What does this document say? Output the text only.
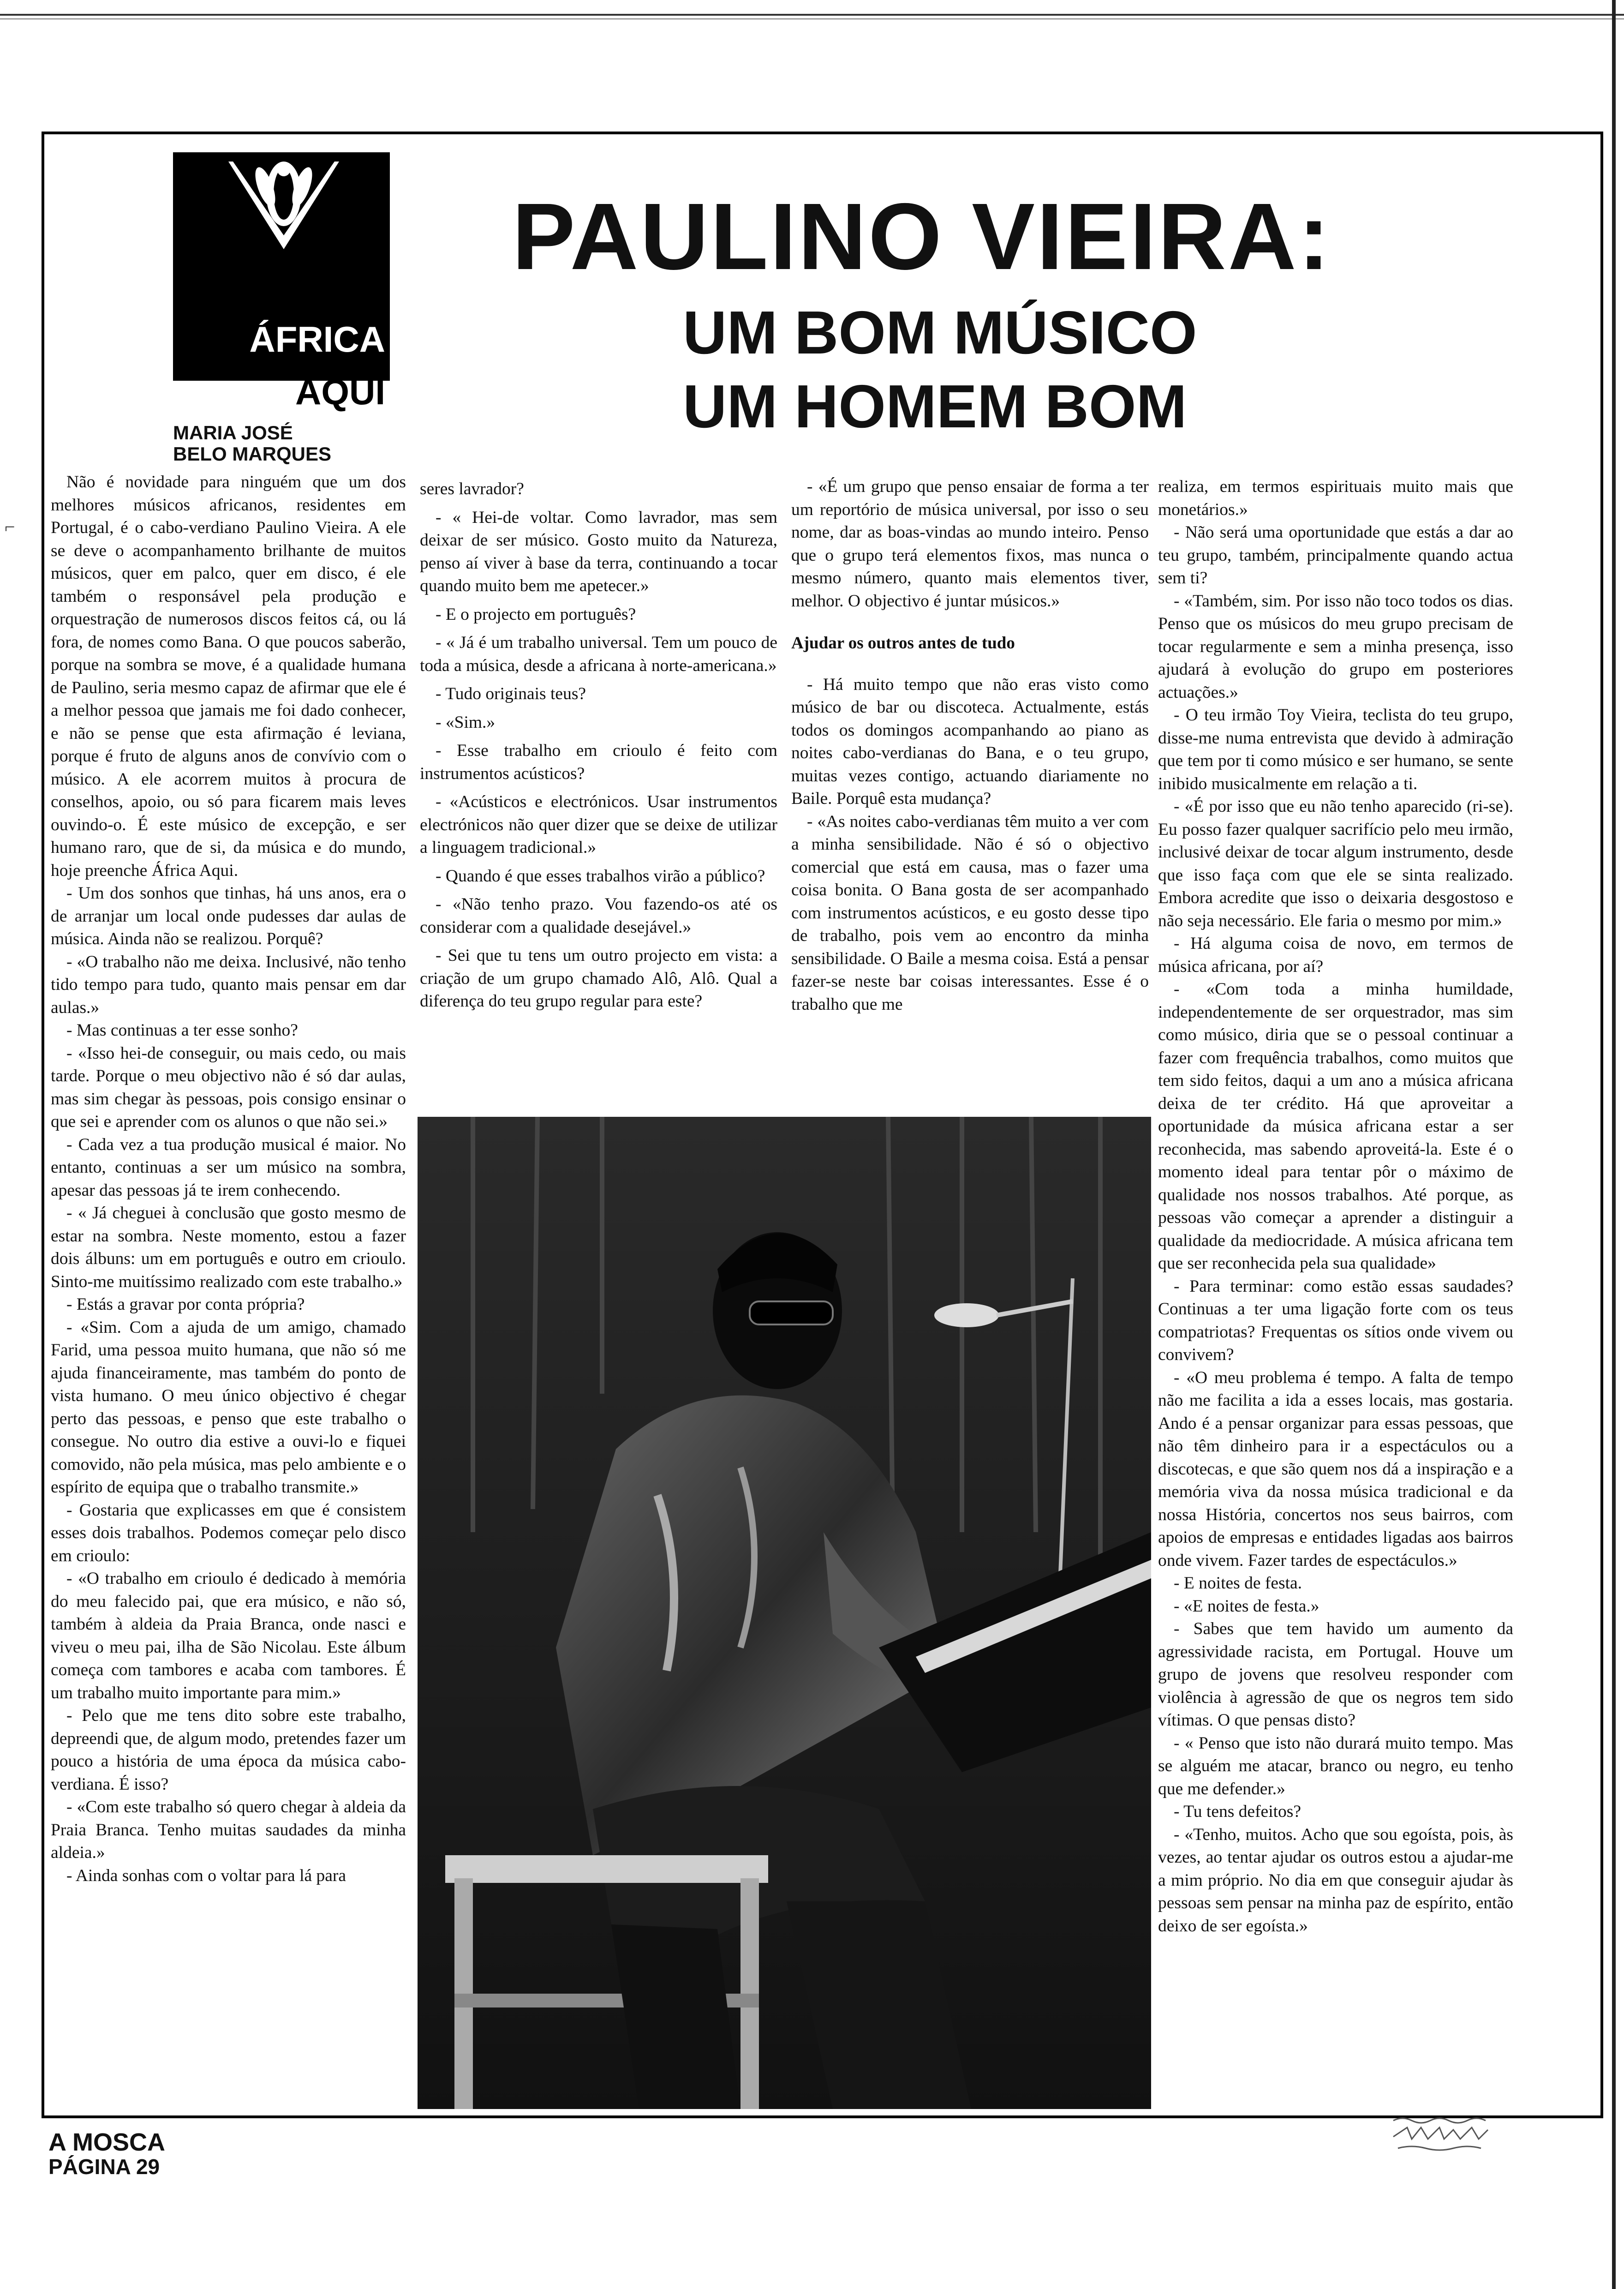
⌐
ÁFRICA
AQUI
MARIA JOSÉ
BELO MARQUES
PAULINO VIEIRA:
UM BOM MÚSICO
UM HOMEM BOM

Não é novidade para ninguém que um dos melhores músicos africanos, residentes em Portugal, é o cabo-verdiano Paulino Vieira. A ele se deve o acompanhamento brilhante de muitos músicos, quer em palco, quer em disco, é ele também o responsável pela produção e orquestração de numerosos discos feitos cá, ou lá fora, de nomes como Bana. O que poucos saberão, porque na sombra se move, é a qualidade humana de Paulino, seria mesmo capaz de afirmar que ele é a melhor pessoa que jamais me foi dado conhecer, e não se pense que esta afirmação é leviana, porque é fruto de alguns anos de convívio com o músico. A ele acorrem muitos à procura de conselhos, apoio, ou só para ficarem mais leves ouvindo-o. É este músico de excepção, e ser humano raro, que de si, da música e do mundo, hoje preenche África Aqui.

- Um dos sonhos que tinhas, há uns anos, era o de arranjar um local onde pudesses dar aulas de música. Ainda não se realizou. Porquê?

- «O trabalho não me deixa. Inclusivé, não tenho tido tempo para tudo, quanto mais pensar em dar aulas.»

- Mas continuas a ter esse sonho?

- «Isso hei-de conseguir, ou mais cedo, ou mais tarde. Porque o meu objectivo não é só dar aulas, mas sim chegar às pessoas, pois consigo ensinar o que sei e aprender com os alunos o que não sei.»

- Cada vez a tua produção musical é maior. No entanto, continuas a ser um músico na sombra, apesar das pessoas já te irem conhecendo.

- « Já cheguei à conclusão que gosto mesmo de estar na sombra. Neste momento, estou a fazer dois álbuns: um em português e outro em crioulo. Sinto-me muitíssimo realizado com este trabalho.»

- Estás a gravar por conta própria?

- «Sim. Com a ajuda de um amigo, chamado Farid, uma pessoa muito humana, que não só me ajuda financeiramente, mas também do ponto de vista humano. O meu único objectivo é chegar perto das pessoas, e penso que este trabalho o consegue. No outro dia estive a ouvi-lo e fiquei comovido, não pela música, mas pelo ambiente e o espírito de equipa que o trabalho transmite.»

- Gostaria que explicasses em que é consistem esses dois trabalhos. Podemos começar pelo disco em crioulo:

- «O trabalho em crioulo é dedicado à memória do meu falecido pai, que era músico, e não só, também à aldeia da Praia Branca, onde nasci e viveu o meu pai, ilha de São Nicolau. Este álbum começa com tambores e acaba com tambores. É um trabalho muito importante para mim.»

- Pelo que me tens dito sobre este trabalho, depreendi que, de algum modo, pretendes fazer um pouco a história de uma época da música cabo-verdiana. É isso?

- «Com este trabalho só quero chegar à aldeia da Praia Branca. Tenho muitas saudades da minha aldeia.»

- Ainda sonhas com o voltar para lá para

seres lavrador?

- « Hei-de voltar. Como lavrador, mas sem deixar de ser músico. Gosto muito da Natureza, penso aí viver à base da terra, continuando a tocar quando muito bem me apetecer.»

- E o projecto em português?

- « Já é um trabalho universal. Tem um pouco de toda a música, desde a africana à norte-americana.»

- Tudo originais teus?

- «Sim.»

- Esse trabalho em crioulo é feito com instrumentos acústicos?

- «Acústicos e electrónicos. Usar instrumentos electrónicos não quer dizer que se deixe de utilizar a linguagem tradicional.»

- Quando é que esses trabalhos virão a público?

- «Não tenho prazo. Vou fazendo-os até os considerar com a qualidade desejável.»

- Sei que tu tens um outro projecto em vista: a criação de um grupo chamado Alô, Alô. Qual a diferença do teu grupo regular para este?

- «É um grupo que penso ensaiar de forma a ter um reportório de música universal, por isso o seu nome, dar as boas-vindas ao mundo inteiro. Penso que o grupo terá elementos fixos, mas nunca o mesmo número, quanto mais elementos tiver, melhor. O objectivo é juntar músicos.»

Ajudar os outros antes de tudo

- Há muito tempo que não eras visto como músico de bar ou discoteca. Actualmente, estás todos os domingos acompanhando ao piano as noites cabo-verdianas do Bana, e o teu grupo, muitas vezes contigo, actuando diariamente no Baile. Porquê esta mudança?

- «As noites cabo-verdianas têm muito a ver com a minha sensibilidade. Não é só o objectivo comercial que está em causa, mas o fazer uma coisa bonita. O Bana gosta de ser acompanhado com instrumentos acústicos, e eu gosto desse tipo de trabalho, pois vem ao encontro da minha sensibilidade. O Baile a mesma coisa. Está a pensar fazer-se neste bar coisas interessantes. Esse é o trabalho que me

realiza, em termos espirituais muito mais que monetários.»

- Não será uma oportunidade que estás a dar ao teu grupo, também, principalmente quando actua sem ti?

- «Também, sim. Por isso não toco todos os dias. Penso que os músicos do meu grupo precisam de tocar regularmente e sem a minha presença, isso ajudará à evolução do grupo em posteriores actuações.»

- O teu irmão Toy Vieira, teclista do teu grupo, disse-me numa entrevista que devido à admiração que tem por ti como músico e ser humano, se sente inibido musicalmente em relação a ti.

- «É por isso que eu não tenho aparecido (ri-se). Eu posso fazer qualquer sacrifício pelo meu irmão, inclusivé deixar de tocar algum instrumento, desde que isso faça com que ele se sinta realizado. Embora acredite que isso o deixaria desgostoso e não seja necessário. Ele faria o mesmo por mim.»

- Há alguma coisa de novo, em termos de música africana, por aí?

- «Com toda a minha humildade, independentemente de ser orquestrador, mas sim como músico, diria que se o pessoal continuar a fazer com frequência trabalhos, como muitos que tem sido feitos, daqui a um ano a música africana deixa de ter crédito. Há que aproveitar a oportunidade da música africana estar a ser reconhecida, mas sabendo aproveitá-la. Este é o momento ideal para tentar pôr o máximo de qualidade nos nossos trabalhos. Até porque, as pessoas vão começar a aprender a distinguir a qualidade da mediocridade. A música africana tem que ser reconhecida pela sua qualidade»

- Para terminar: como estão essas saudades? Continuas a ter uma ligação forte com os teus compatriotas? Frequentas os sítios onde vivem ou convivem?

- «O meu problema é tempo. A falta de tempo não me facilita a ida a esses locais, mas gostaria. Ando é a pensar organizar para essas pessoas, que não têm dinheiro para ir a espectáculos ou a discotecas, e que são quem nos dá a inspiração e a memória viva da nossa música tradicional e da nossa História, concertos nos seus bairros, com apoios de empresas e entidades ligadas aos bairros onde vivem. Fazer tardes de espectáculos.»

- E noites de festa.

- «E noites de festa.»

- Sabes que tem havido um aumento da agressividade racista, em Portugal. Houve um grupo de jovens que resolveu responder com violência à agressão de que os negros tem sido vítimas. O que pensas disto?

- « Penso que isto não durará muito tempo. Mas se alguém me atacar, branco ou negro, eu tenho que me defender.»

- Tu tens defeitos?

- «Tenho, muitos. Acho que sou egoísta, pois, às vezes, ao tentar ajudar os outros estou a ajudar-me a mim próprio. No dia em que conseguir ajudar às pessoas sem pensar na minha paz de espírito, então deixo de ser egoísta.»

A MOSCA
PÁGINA 29
